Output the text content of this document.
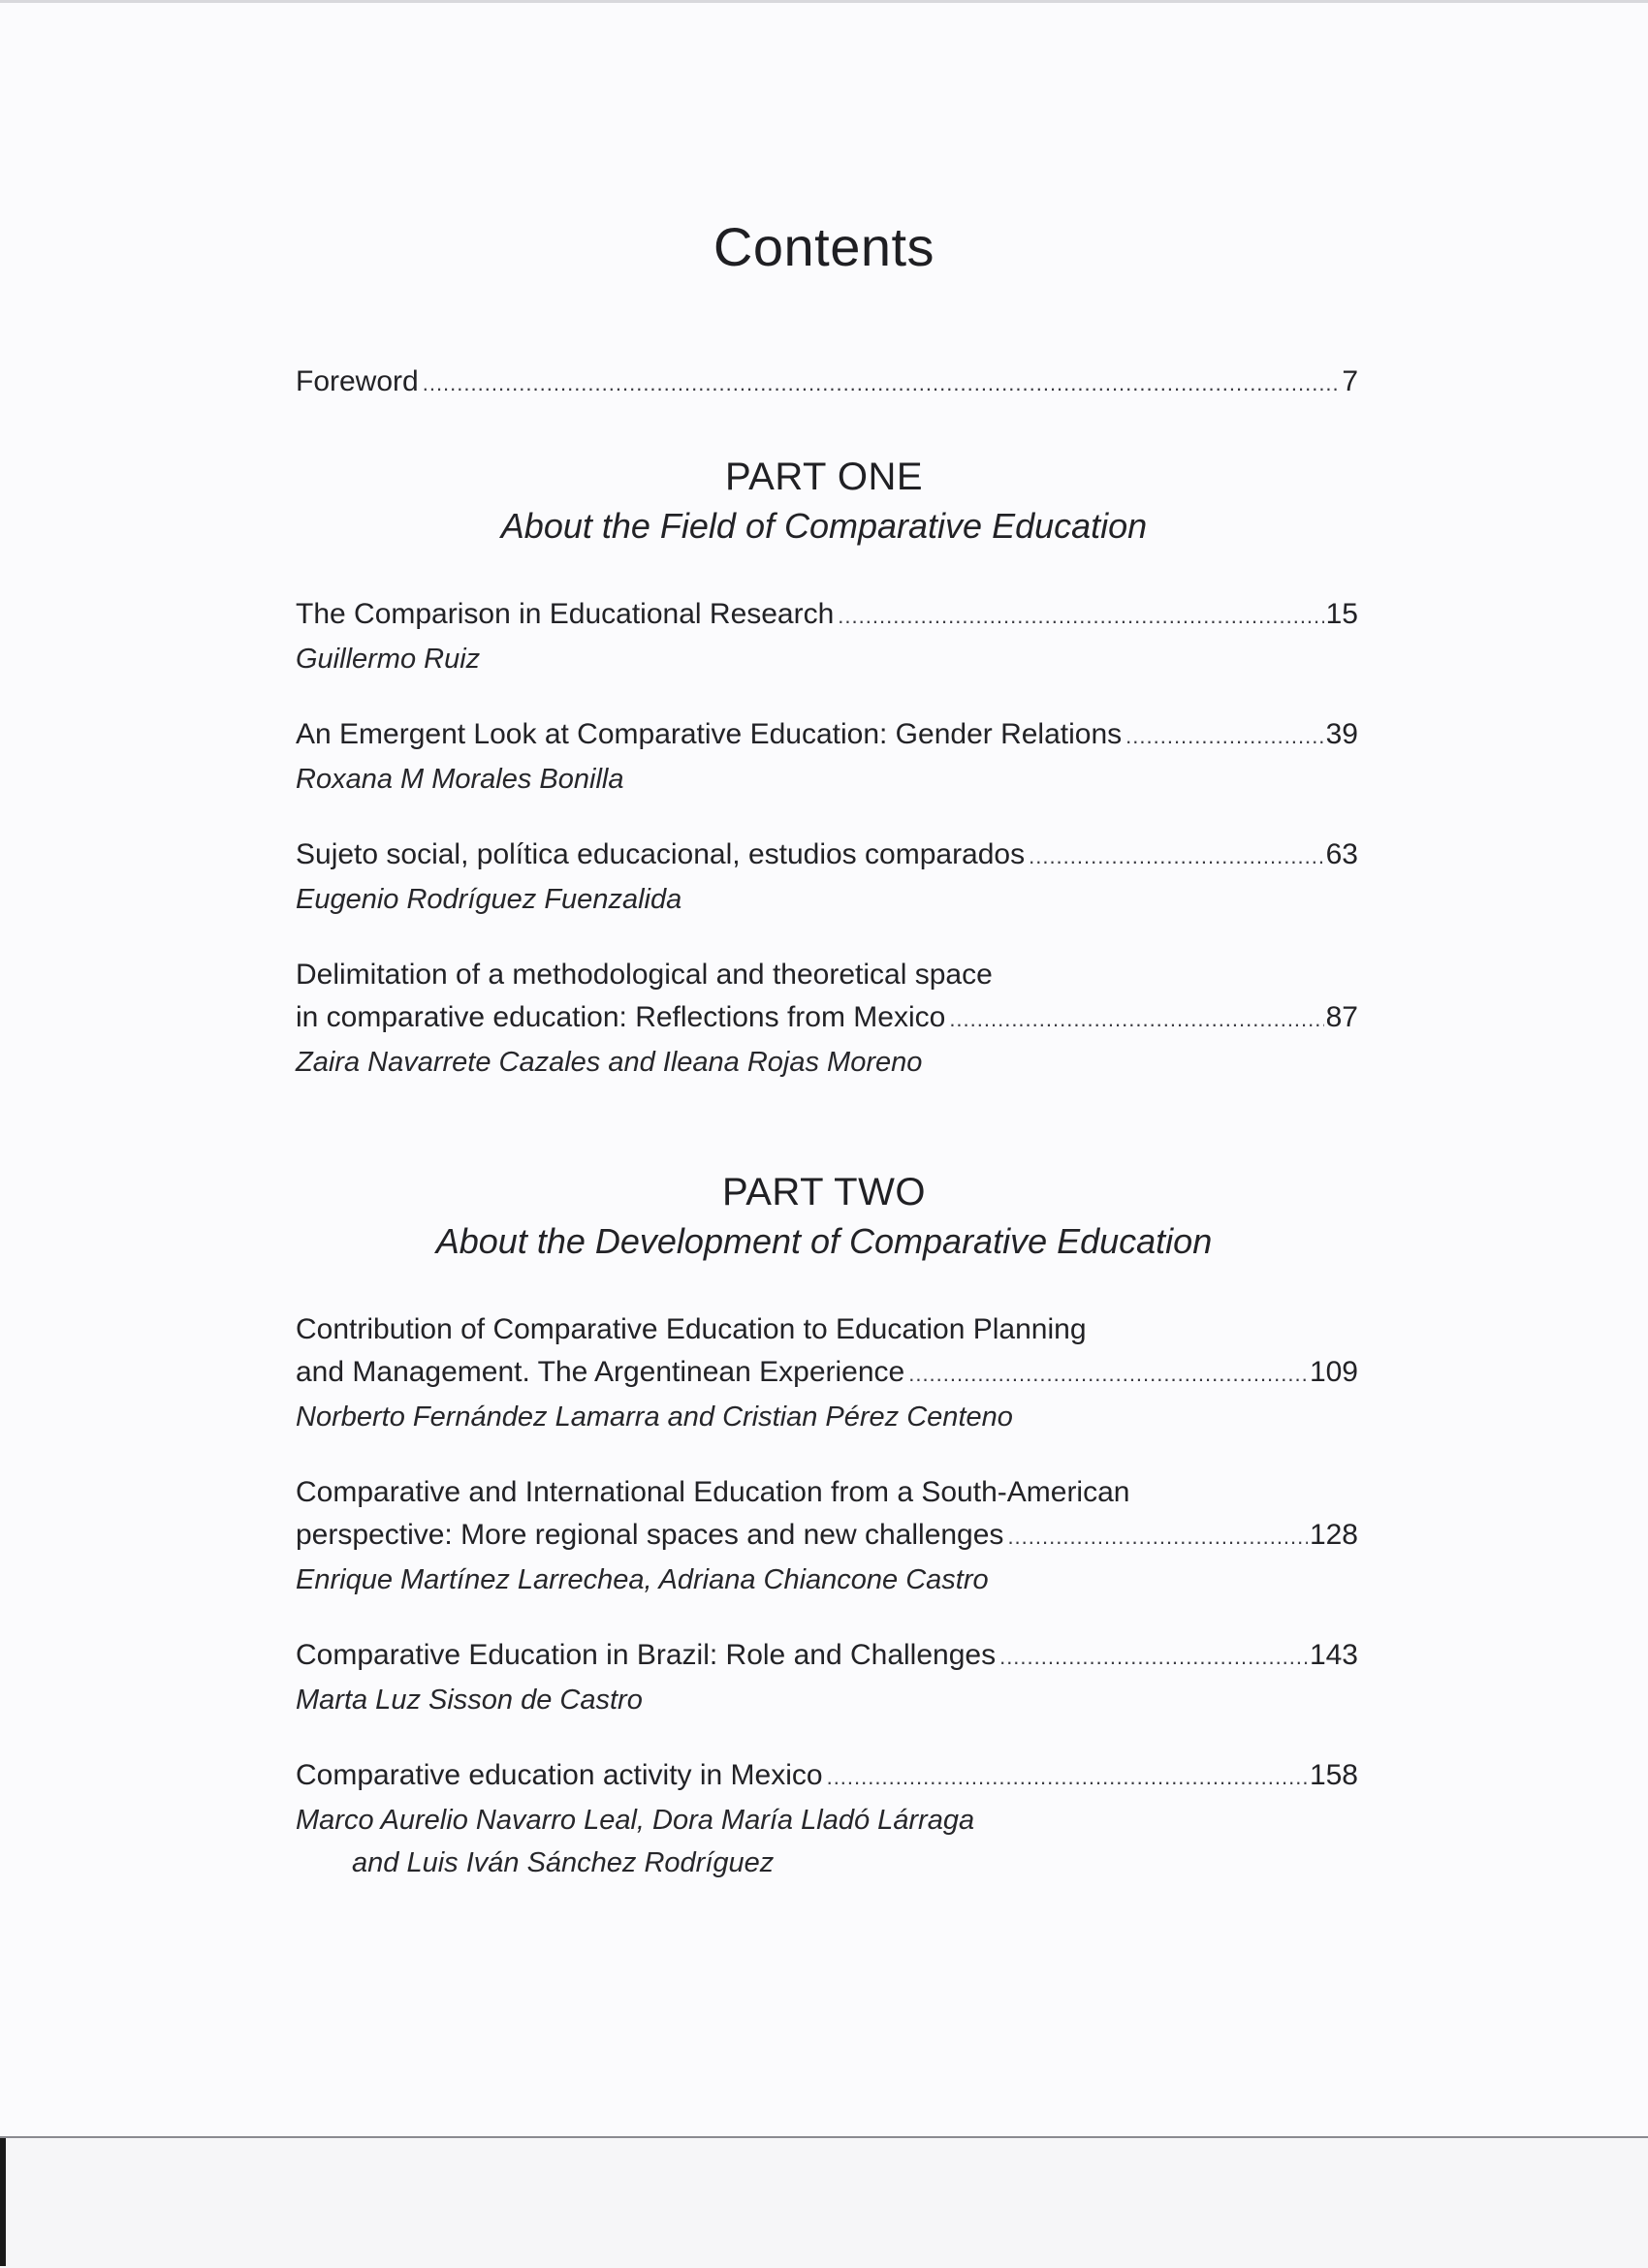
Contents
Foreword .....	7
PART ONE
About the Field of Comparative Education
The Comparison in Educational Research .....	15
Guillermo Ruiz
An Emergent Look at Comparative Education: Gender Relations .....	39
Roxana M Morales Bonilla
Sujeto social, política educacional, estudios comparados .....	63
Eugenio Rodríguez Fuenzalida
Delimitation of a methodological and theoretical space
in comparative education: Reflections from Mexico .....	87
Zaira Navarrete Cazales and Ileana Rojas Moreno
PART TWO
About the Development of Comparative Education
Contribution of Comparative Education to Education Planning
and Management. The Argentinean Experience .....	109
Norberto Fernández Lamarra and Cristian Pérez Centeno
Comparative and International Education from a South-American
perspective: More regional spaces and new challenges .....	128
Enrique Martínez Larrechea, Adriana Chiancone Castro
Comparative Education in Brazil: Role and Challenges .....	143
Marta Luz Sisson de Castro
Comparative education activity in Mexico .....	158
Marco Aurelio Navarro Leal, Dora María Lladó Lárraga
and Luis Iván Sánchez Rodríguez
